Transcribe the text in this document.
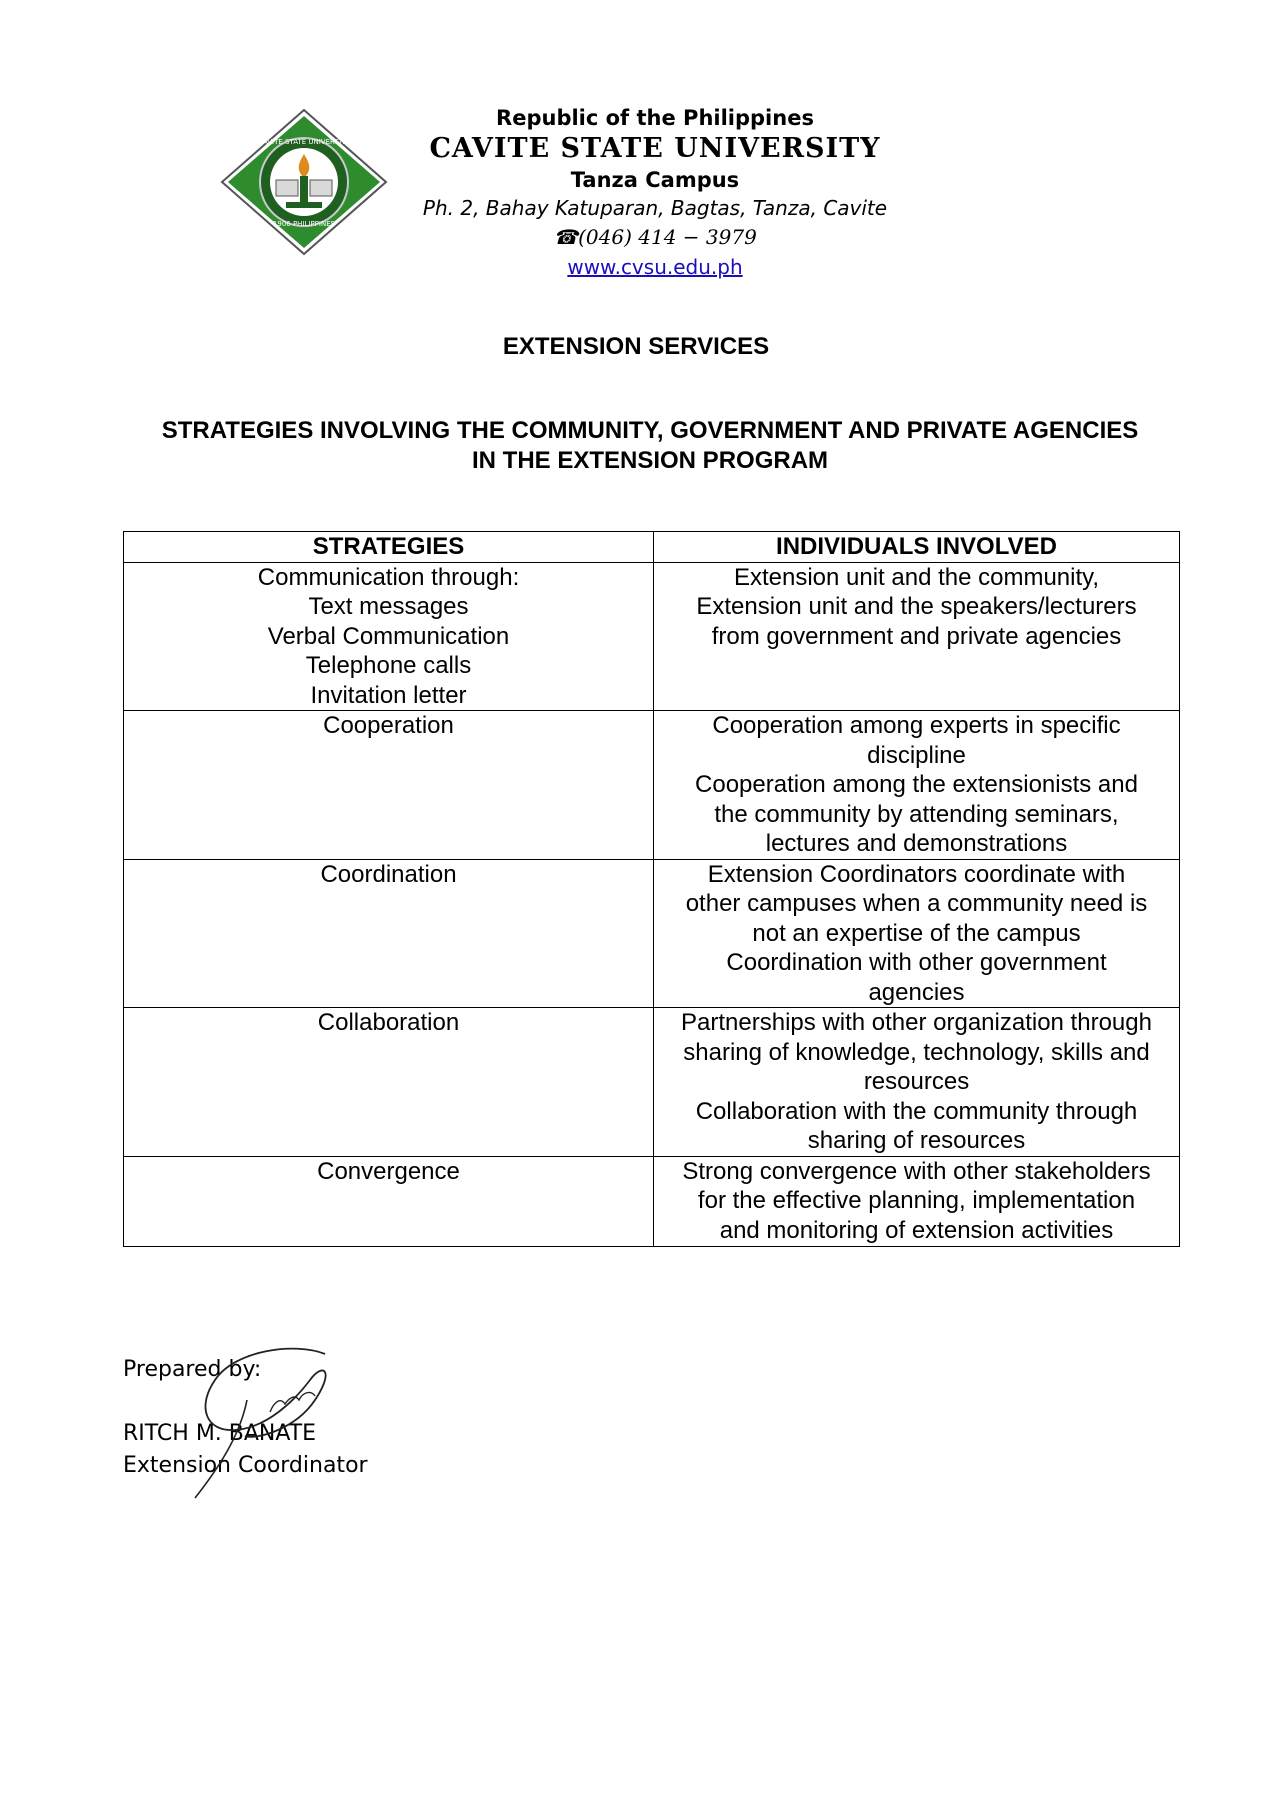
CAVITE STATE UNIVERSITY
1906 PHILIPPINES
Republic of the Philippines
CAVITE STATE UNIVERSITY
Tanza Campus
Ph. 2, Bahay Katuparan, Bagtas, Tanza, Cavite
☎(046) 414 − 3979
www.cvsu.edu.ph
EXTENSION SERVICES
STRATEGIES INVOLVING THE COMMUNITY, GOVERNMENT AND PRIVATE AGENCIES
IN THE EXTENSION PROGRAM
STRATEGIES	INDIVIDUALS INVOLVED

Communication through:
Text messages
Verbal Communication
Telephone calls
Invitation letter	Extension unit and the community,
Extension unit and the speakers/lecturers
from government and private agencies

Cooperation	Cooperation among experts in specific
discipline
Cooperation among the extensionists and
the community by attending seminars,
lectures and demonstrations

Coordination	Extension Coordinators coordinate with
other campuses when a community need is
not an expertise of the campus
Coordination with other government
agencies

Collaboration	Partnerships with other organization through
sharing of knowledge, technology, skills and
resources
Collaboration with the community through
sharing of resources

Convergence	Strong convergence with other stakeholders
for the effective planning, implementation
and monitoring of extension activities
Prepared by:
RITCH M. BANATE
Extension Coordinator
